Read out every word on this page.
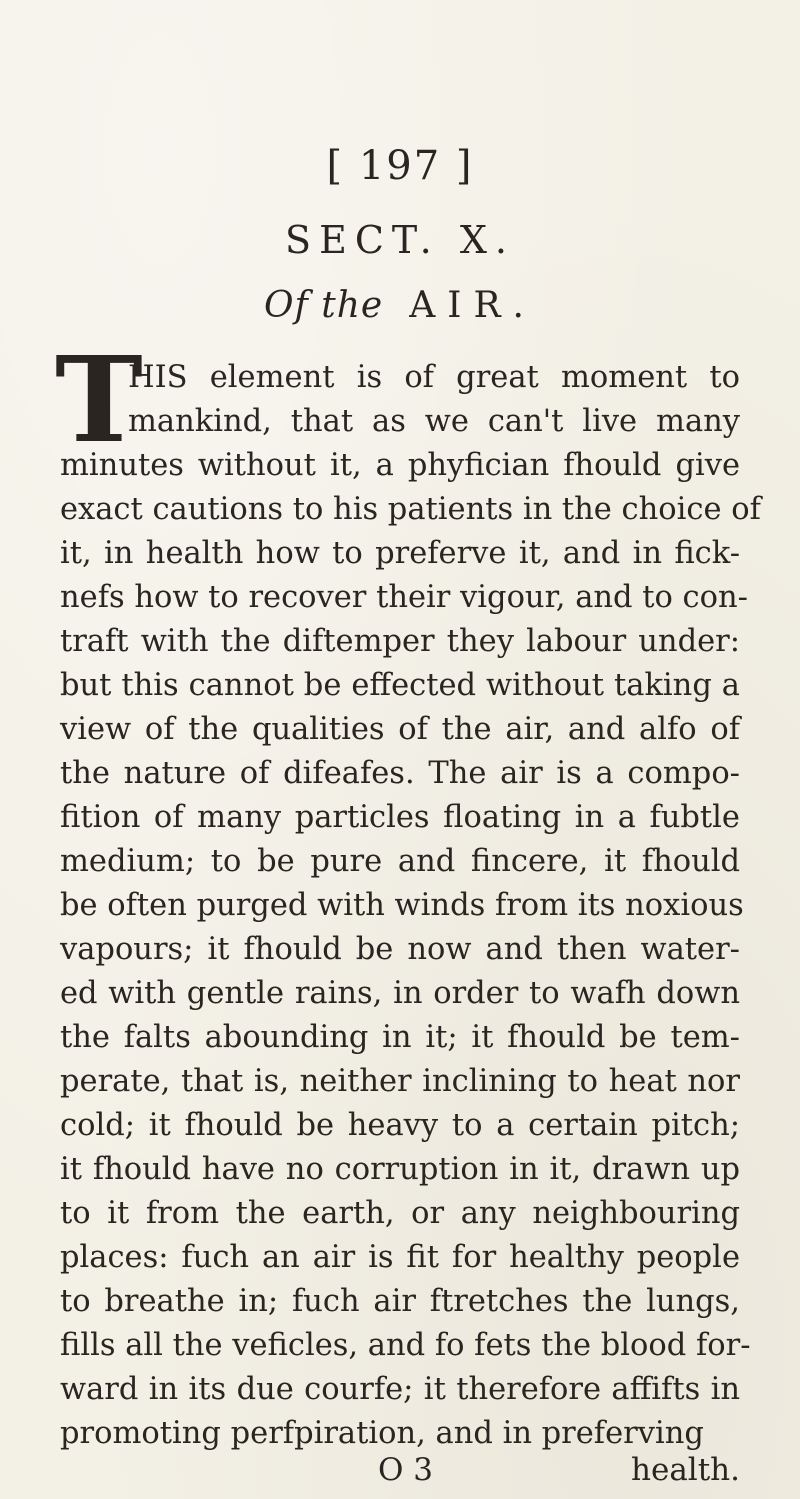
[ 197 ]
SECT. X.
Of the AIR.
T
HIS element is of great moment to
mankind, that as we can't live many
minutes without it, a phyfician fhould give
exact cautions to his patients in the choice of
it, in health how to preferve it, and in fick-
nefs how to recover their vigour, and to con-
traft with the diftemper they labour under:
but this cannot be effected without taking a
view of the qualities of the air, and alfo of
the nature of difeafes. The air is a compo-
fition of many particles floating in a fubtle
medium; to be pure and fincere, it fhould
be often purged with winds from its noxious
vapours; it fhould be now and then water-
ed with gentle rains, in order to wafh down
the falts abounding in it; it fhould be tem-
perate, that is, neither inclining to heat nor
cold; it fhould be heavy to a certain pitch;
it fhould have no corruption in it, drawn up
to it from the earth, or any neighbouring
places: fuch an air is fit for healthy people
to breathe in; fuch air ftretches the lungs,
fills all the veficles, and fo fets the blood for-
ward in its due courfe; it therefore affifts in
promoting perfpiration, and in preferving
O 3	health.
